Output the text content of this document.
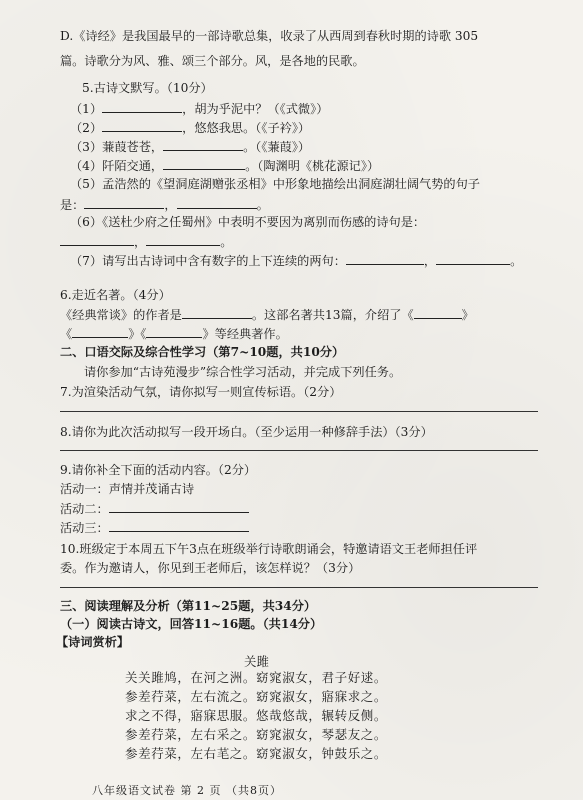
D.《诗经》是我国最早的一部诗歌总集，收录了从西周到春秋时期的诗歌 305
篇。诗歌分为风、雅、颂三个部分。风，是各地的民歌。
5.古诗文默写。（10分）
（1）	，胡为乎泥中？（《式微》）
（2）	，悠悠我思。（《子衿》）
（3）蒹葭苍苍，	。（《蒹葭》）
（4）阡陌交通，	。（陶渊明《桃花源记》）
（5）孟浩然的《望洞庭湖赠张丞相》中形象地描绘出洞庭湖壮阔气势的句子
是：	，	。
（6）《送杜少府之任蜀州》中表明不要因为离别而伤感的诗句是：
，	。
（7）请写出古诗词中含有数字的上下连续的两句：	，	。
6.走近名著。（4分）
《经典常谈》的作者是	。这部名著共13篇，介绍了《	》
《	》《	》等经典著作。
二、口语交际及综合性学习（第7~10题，共10分）
请你参加“古诗苑漫步”综合性学习活动，并完成下列任务。
7.为渲染活动气氛，请你拟写一则宣传标语。（2分）
8.请你为此次活动拟写一段开场白。（至少运用一种修辞手法）（3分）
9.请你补全下面的活动内容。（2分）
活动一：声情并茂诵古诗
活动二：
活动三：
10.班级定于本周五下午3点在班级举行诗歌朗诵会，特邀请语文王老师担任评
委。作为邀请人，你见到王老师后，该怎样说？（3分）
三、阅读理解及分析（第11~25题，共34分）
（一）阅读古诗文，回答11~16题。（共14分）
【诗词赏析】
关雎
关关雎鸠，在河之洲。窈窕淑女，君子好逑。
参差荇菜，左右流之。窈窕淑女，寤寐求之。
求之不得，寤寐思服。悠哉悠哉，辗转反侧。
参差荇菜，左右采之。窈窕淑女，琴瑟友之。
参差荇菜，左右芼之。窈窕淑女，钟鼓乐之。
八年级语文试卷 第 2 页 （共8页）
